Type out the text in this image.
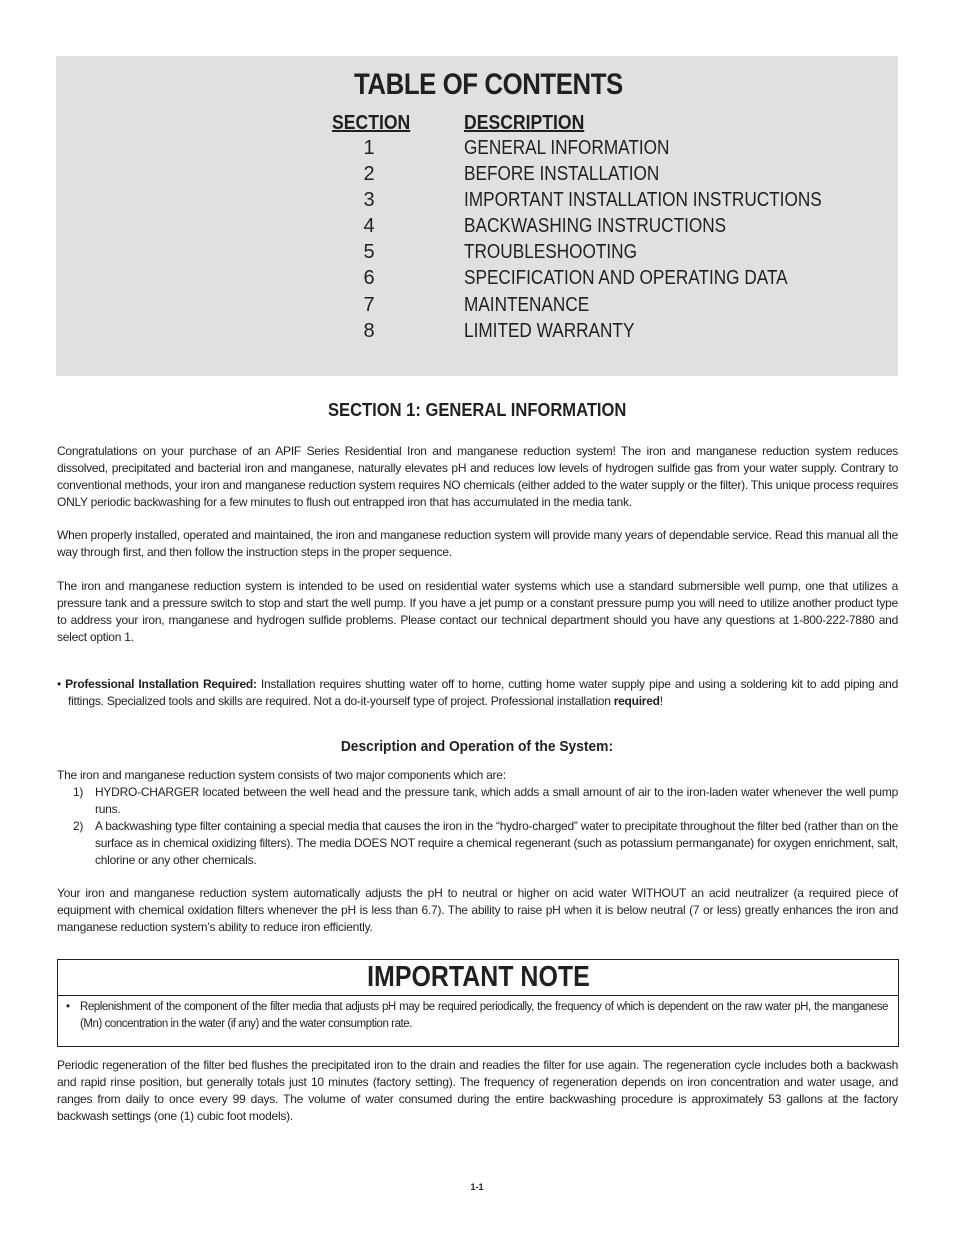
TABLE OF CONTENTS
SECTION	DESCRIPTION
1	GENERAL INFORMATION
2	BEFORE INSTALLATION
3	IMPORTANT INSTALLATION INSTRUCTIONS
4	BACKWASHING INSTRUCTIONS
5	TROUBLESHOOTING
6	SPECIFICATION AND OPERATING DATA
7	MAINTENANCE
8	LIMITED WARRANTY
SECTION 1: GENERAL INFORMATION

Congratulations on your purchase of an APIF Series Residential Iron and manganese reduction system! The iron and manganese reduction system reduces dissolved, precipitated and bacterial iron and manganese, naturally elevates pH and reduces low levels of hydrogen sulfide gas from your water supply. Contrary to conventional methods, your iron and manganese reduction system requires NO chemicals (either added to the water supply or the filter). This unique process requires ONLY periodic backwashing for a few minutes to flush out entrapped iron that has accumulated in the media tank.

When properly installed, operated and maintained, the iron and manganese reduction system will provide many years of dependable service. Read this manual all the way through first, and then follow the instruction steps in the proper sequence.

The iron and manganese reduction system is intended to be used on residential water systems which use a standard submersible well pump, one that utilizes a pressure tank and a pressure switch to stop and start the well pump. If you have a jet pump or a constant pressure pump you will need to utilize another product type to address your iron, manganese and hydrogen sulfide problems. Please contact our technical department should you have any questions at 1-800-222-7880 and select option 1.

• Professional Installation Required: Installation requires shutting water off to home, cutting home water supply pipe and using a soldering kit to add piping and fittings. Specialized tools and skills are required. Not a do-it-yourself type of project. Professional installation required!
Description and Operation of the System:
The iron and manganese reduction system consists of two major components which are:
1) HYDRO-CHARGER located between the well head and the pressure tank, which adds a small amount of air to the iron-laden water whenever the well pump runs.
2) A backwashing type filter containing a special media that causes the iron in the “hydro-charged” water to precipitate throughout the filter bed (rather than on the surface as in chemical oxidizing filters). The media DOES NOT require a chemical regenerant (such as potassium permanganate) for oxygen enrichment, salt, chlorine or any other chemicals.

Your iron and manganese reduction system automatically adjusts the pH to neutral or higher on acid water WITHOUT an acid neutralizer (a required piece of equipment with chemical oxidation filters whenever the pH is less than 6.7). The ability to raise pH when it is below neutral (7 or less) greatly enhances the iron and manganese reduction system’s ability to reduce iron efficiently.

IMPORTANT NOTE
• Replenishment of the component of the filter media that adjusts pH may be required periodically, the frequency of which is dependent on the raw water pH, the manganese (Mn) concentration in the water (if any) and the water consumption rate.

Periodic regeneration of the filter bed flushes the precipitated iron to the drain and readies the filter for use again. The regeneration cycle includes both a backwash and rapid rinse position, but generally totals just 10 minutes (factory setting). The frequency of regeneration depends on iron concentration and water usage, and ranges from daily to once every 99 days. The volume of water consumed during the entire backwashing procedure is approximately 53 gallons at the factory backwash settings (one (1) cubic foot models).

1-1
